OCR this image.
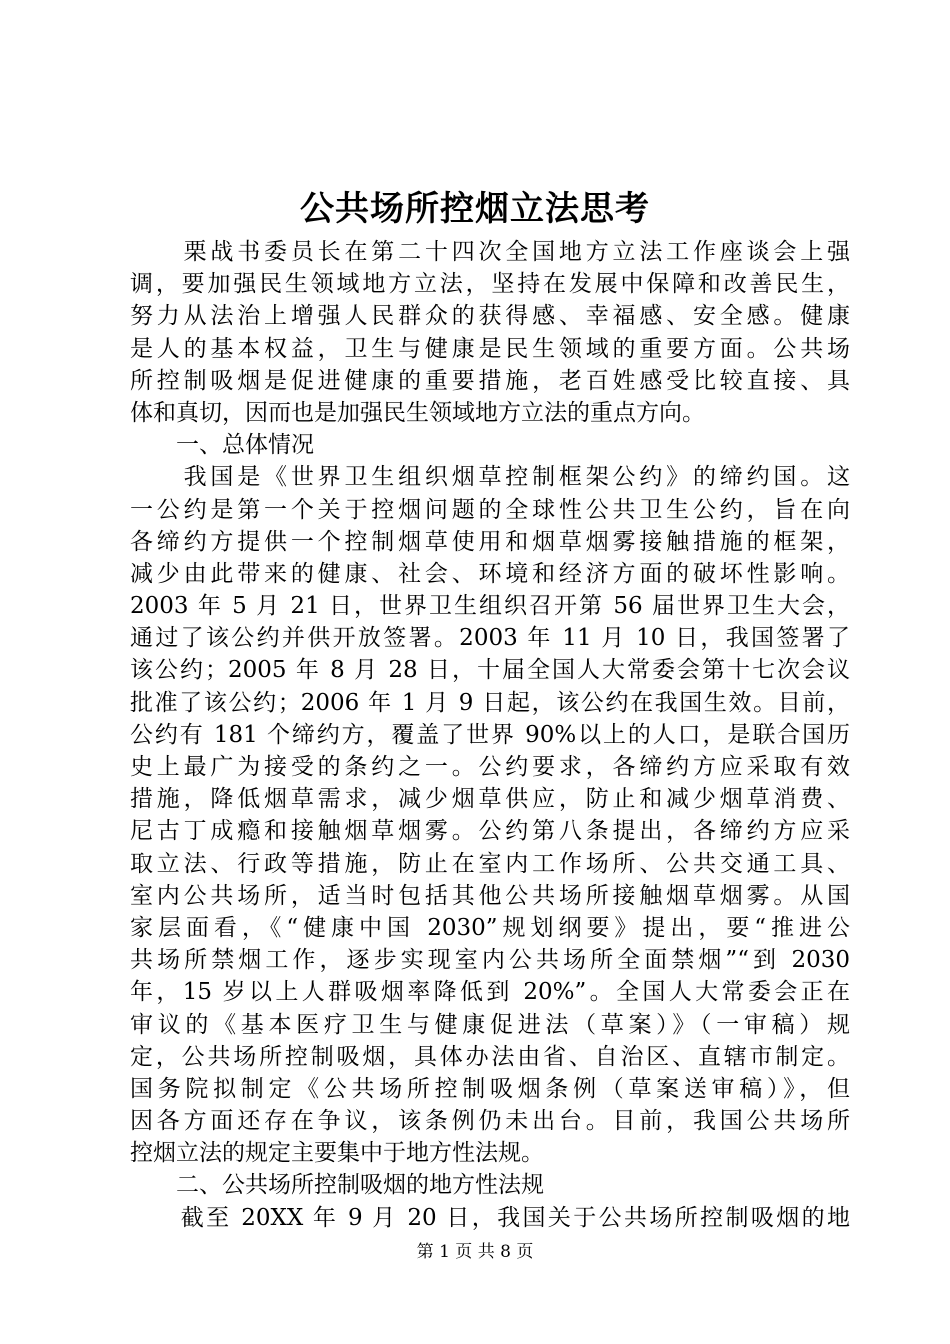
公共场所控烟立法思考
　　栗战书委员长在第二十四次全国地方立法工作座谈会上强
调，要加强民生领域地方立法，坚持在发展中保障和改善民生，
努力从法治上增强人民群众的获得感、幸福感、安全感。健康
是人的基本权益，卫生与健康是民生领域的重要方面。公共场
所控制吸烟是促进健康的重要措施，老百姓感受比较直接、具
体和真切，因而也是加强民生领域地方立法的重点方向。
　　一、总体情况
　　我国是《世界卫生组织烟草控制框架公约》的缔约国。这
一公约是第一个关于控烟问题的全球性公共卫生公约，旨在向
各缔约方提供一个控制烟草使用和烟草烟雾接触措施的框架，
减少由此带来的健康、社会、环境和经济方面的破坏性影响。
2003 年 5 月 21 日，世界卫生组织召开第 56 届世界卫生大会，
通过了该公约并供开放签署。2003 年 11 月 10 日，我国签署了
该公约；2005 年 8 月 28 日，十届全国人大常委会第十七次会议
批准了该公约；2006 年 1 月 9 日起，该公约在我国生效。目前，
公约有 181 个缔约方，覆盖了世界 90%以上的人口，是联合国历
史上最广为接受的条约之一。公约要求，各缔约方应采取有效
措施，降低烟草需求，减少烟草供应，防止和减少烟草消费、
尼古丁成瘾和接触烟草烟雾。公约第八条提出，各缔约方应采
取立法、行政等措施，防止在室内工作场所、公共交通工具、
室内公共场所，适当时包括其他公共场所接触烟草烟雾。从国
家层面看，《“健康中国 2030”规划纲要》提出，要“推进公
共场所禁烟工作，逐步实现室内公共场所全面禁烟”“到 2030
年，15 岁以上人群吸烟率降低到 20%”。全国人大常委会正在
审议的《基本医疗卫生与健康促进法（草案）》（一审稿）规
定，公共场所控制吸烟，具体办法由省、自治区、直辖市制定。
国务院拟制定《公共场所控制吸烟条例（草案送审稿）》，但
因各方面还存在争议，该条例仍未出台。目前，我国公共场所
控烟立法的规定主要集中于地方性法规。
　　二、公共场所控制吸烟的地方性法规
　　截至 20XX 年 9 月 20 日，我国关于公共场所控制吸烟的地
第 1 页 共 8 页
